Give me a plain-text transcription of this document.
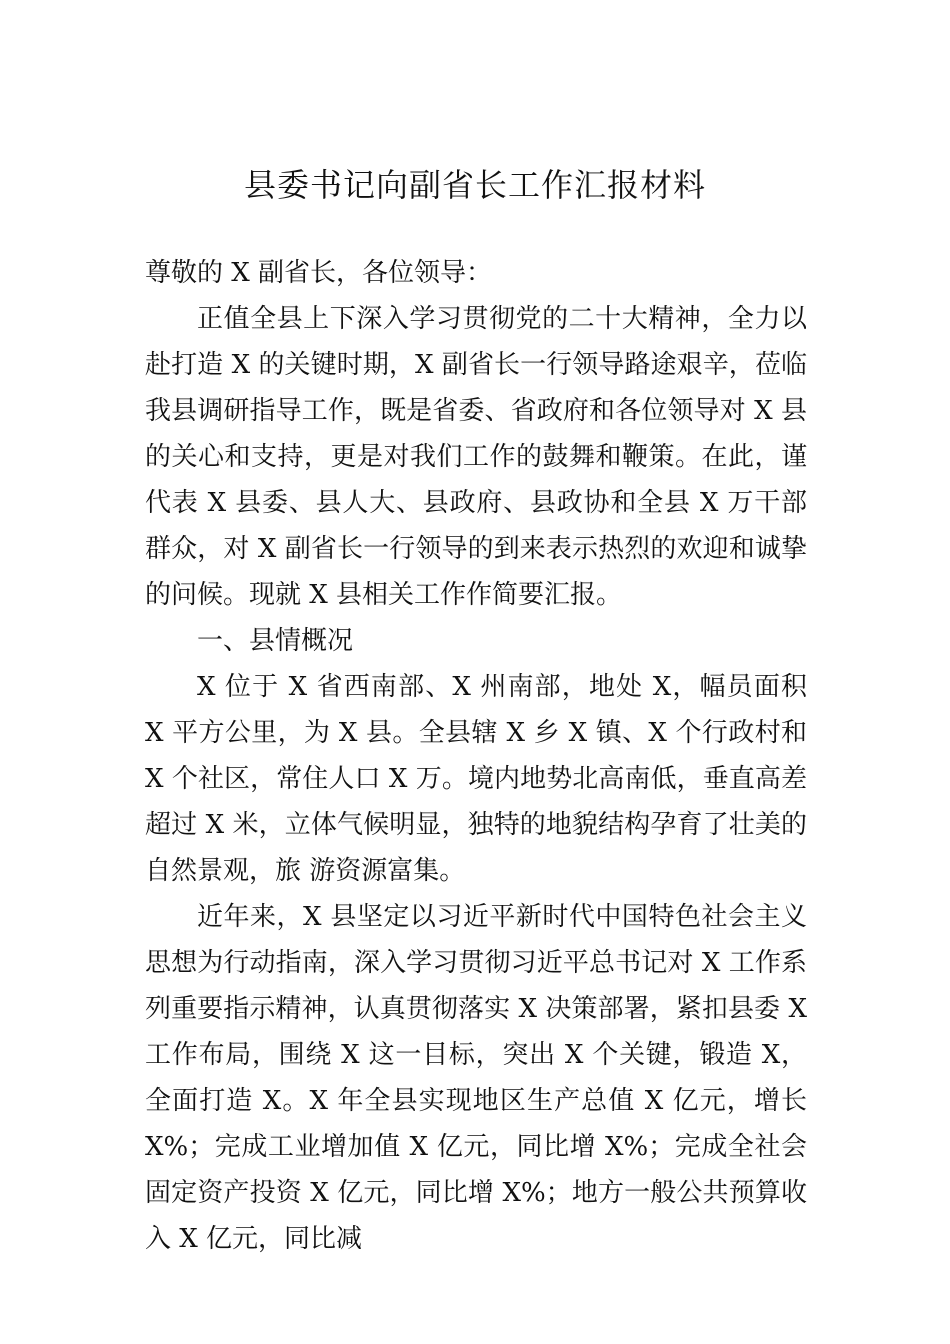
县委书记向副省长工作汇报材料

尊敬的 X 副省长，各位领导：

正值全县上下深入学习贯彻党的二十大精神，全力以赴打造 X 的关键时期，X 副省长一行领导路途艰辛，莅临我县调研指导工作，既是省委、省政府和各位领导对 X 县的关心和支持，更是对我们工作的鼓舞和鞭策。在此，谨代表 X 县委、县人大、县政府、县政协和全县 X 万干部群众，对 X 副省长一行领导的到来表示热烈的欢迎和诚挚的问候。现就 X 县相关工作作简要汇报。

一、县情概况

X 位于 X 省西南部、X 州南部，地处 X，幅员面积 X 平方公里，为 X 县。全县辖 X 乡 X 镇、X 个行政村和 X 个社区，常住人口 X 万。境内地势北高南低，垂直高差超过 X 米，立体气候明显，独特的地貌结构孕育了壮美的自然景观，旅 游资源富集。

近年来，X 县坚定以习近平新时代中国特色社会主义思想为行动指南，深入学习贯彻习近平总书记对 X 工作系列重要指示精神，认真贯彻落实 X 决策部署，紧扣县委 X 工作布局，围绕 X 这一目标，突出 X 个关键，锻造 X，全面打造 X。X 年全县实现地区生产总值 X 亿元，增长 X%；完成工业增加值 X 亿元，同比增 X%；完成全社会固定资产投资 X 亿元，同比增 X%；地方一般公共预算收入 X 亿元，同比减
